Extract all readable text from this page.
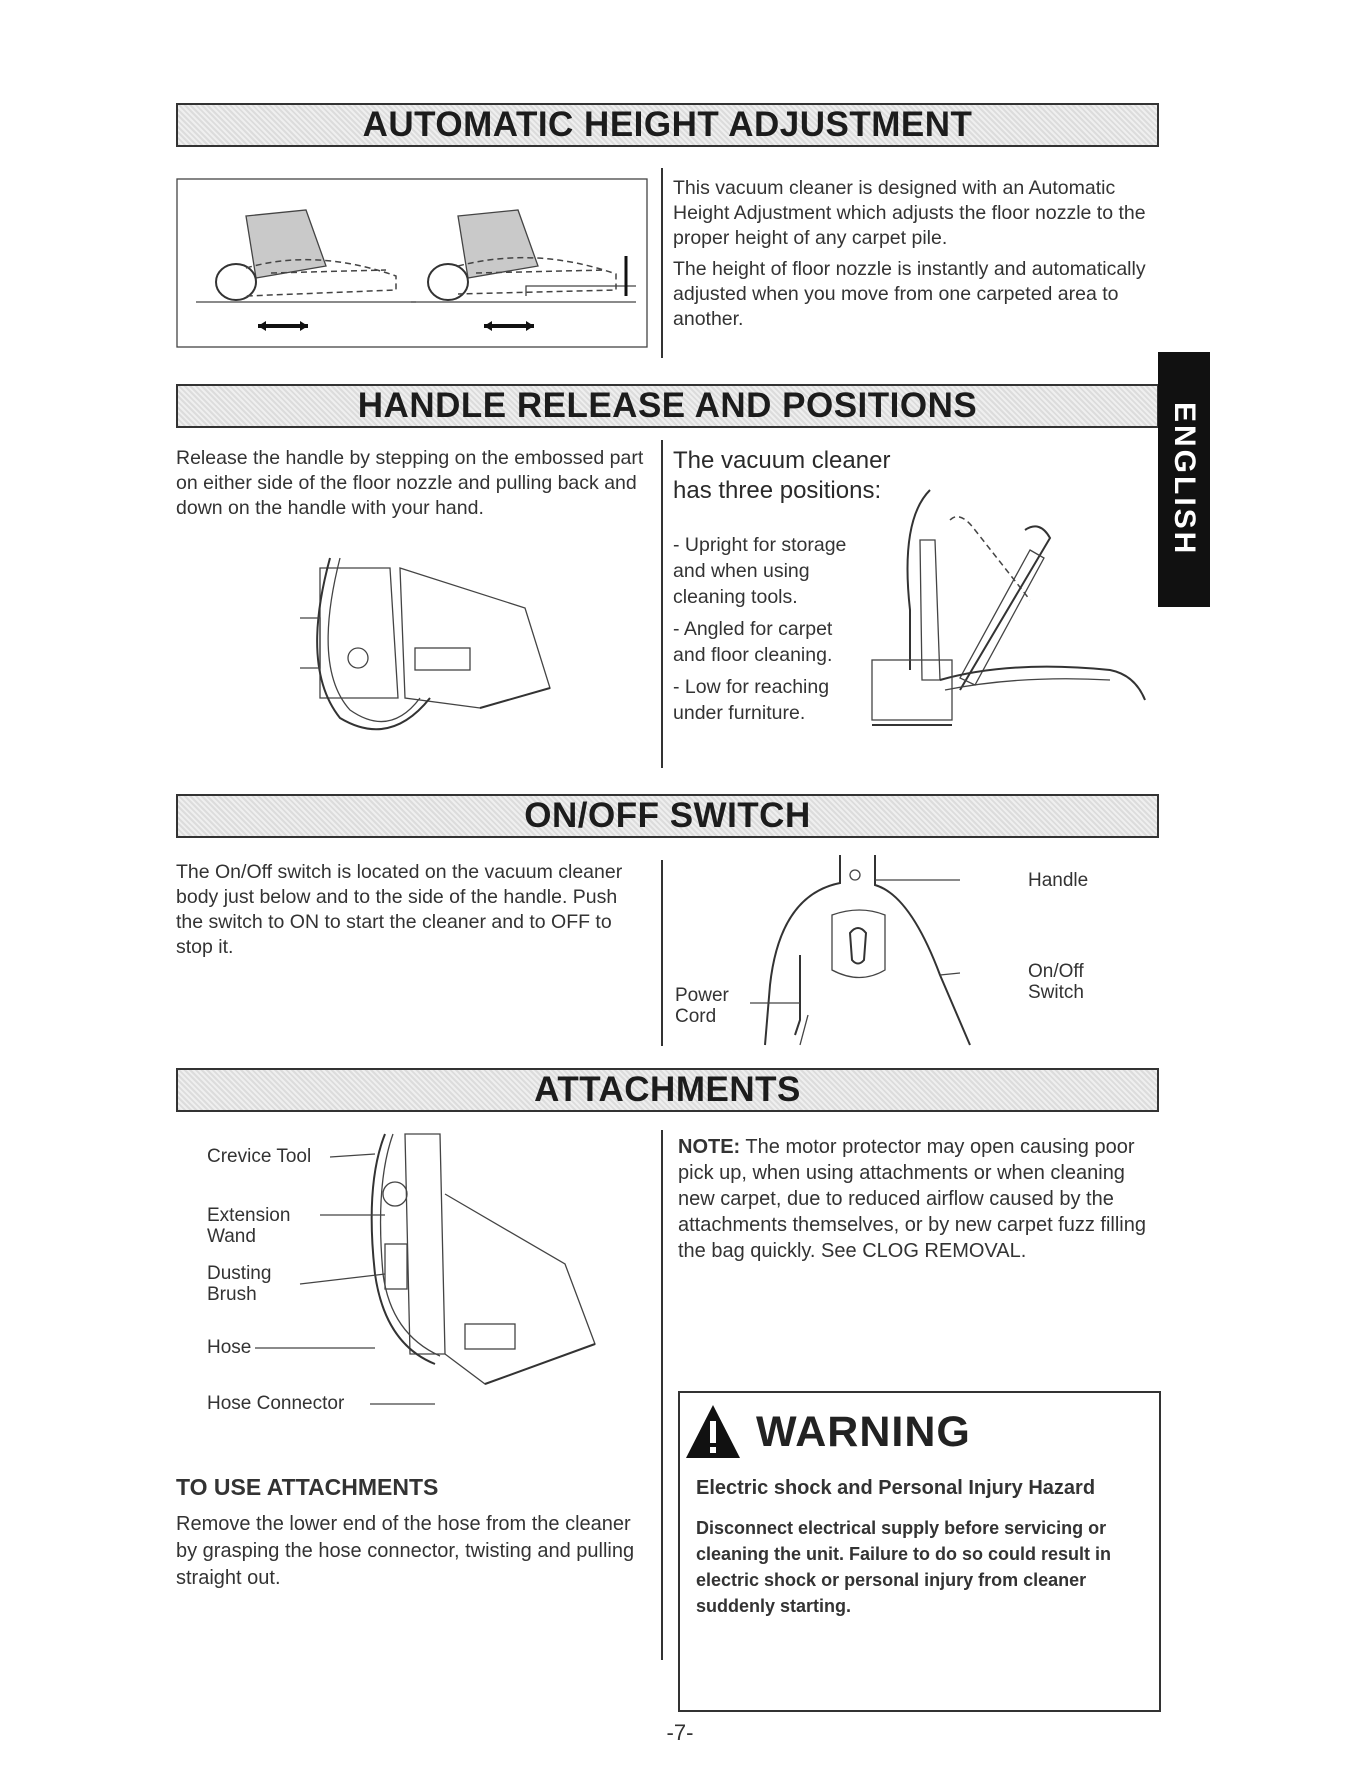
AUTOMATIC HEIGHT ADJUSTMENT

This vacuum cleaner is designed with an Automatic Height Adjustment which adjusts the floor nozzle to the proper height of any carpet pile.

The height of floor nozzle is instantly and automatically adjusted when you move from one carpeted area to another.

HANDLE RELEASE AND POSITIONS	ENGLISH
Release the handle by stepping on the embossed part on either side of the floor nozzle and pulling back and down on the handle with your hand.
The vacuum cleaner has three positions:

- Upright for storage and when using cleaning tools.

- Angled for carpet and floor cleaning.

- Low for reaching under furniture.

ON/OFF SWITCH
The On/Off switch is located on the vacuum cleaner body just below and to the side of the handle. Push the switch to ON to start the cleaner and to OFF to stop it.
Handle
On/Off
Switch
Power
Cord
ATTACHMENTS
Crevice Tool
Extension
Wand
Dusting
Brush
Hose
Hose Connector
NOTE: The motor protector may open causing poor pick up, when using attachments or when cleaning new carpet, due to reduced airflow caused by the attachments themselves, or by new carpet fuzz filling the bag quickly. See CLOG REMOVAL.
TO USE ATTACHMENTS
Remove the lower end of the hose from the cleaner by grasping the hose connector, twisting and pulling straight out.
WARNING
Electric shock and Personal Injury Hazard
Disconnect electrical supply before servicing or cleaning the unit. Failure to do so could result in electric shock or personal injury from cleaner suddenly starting.
-7-
